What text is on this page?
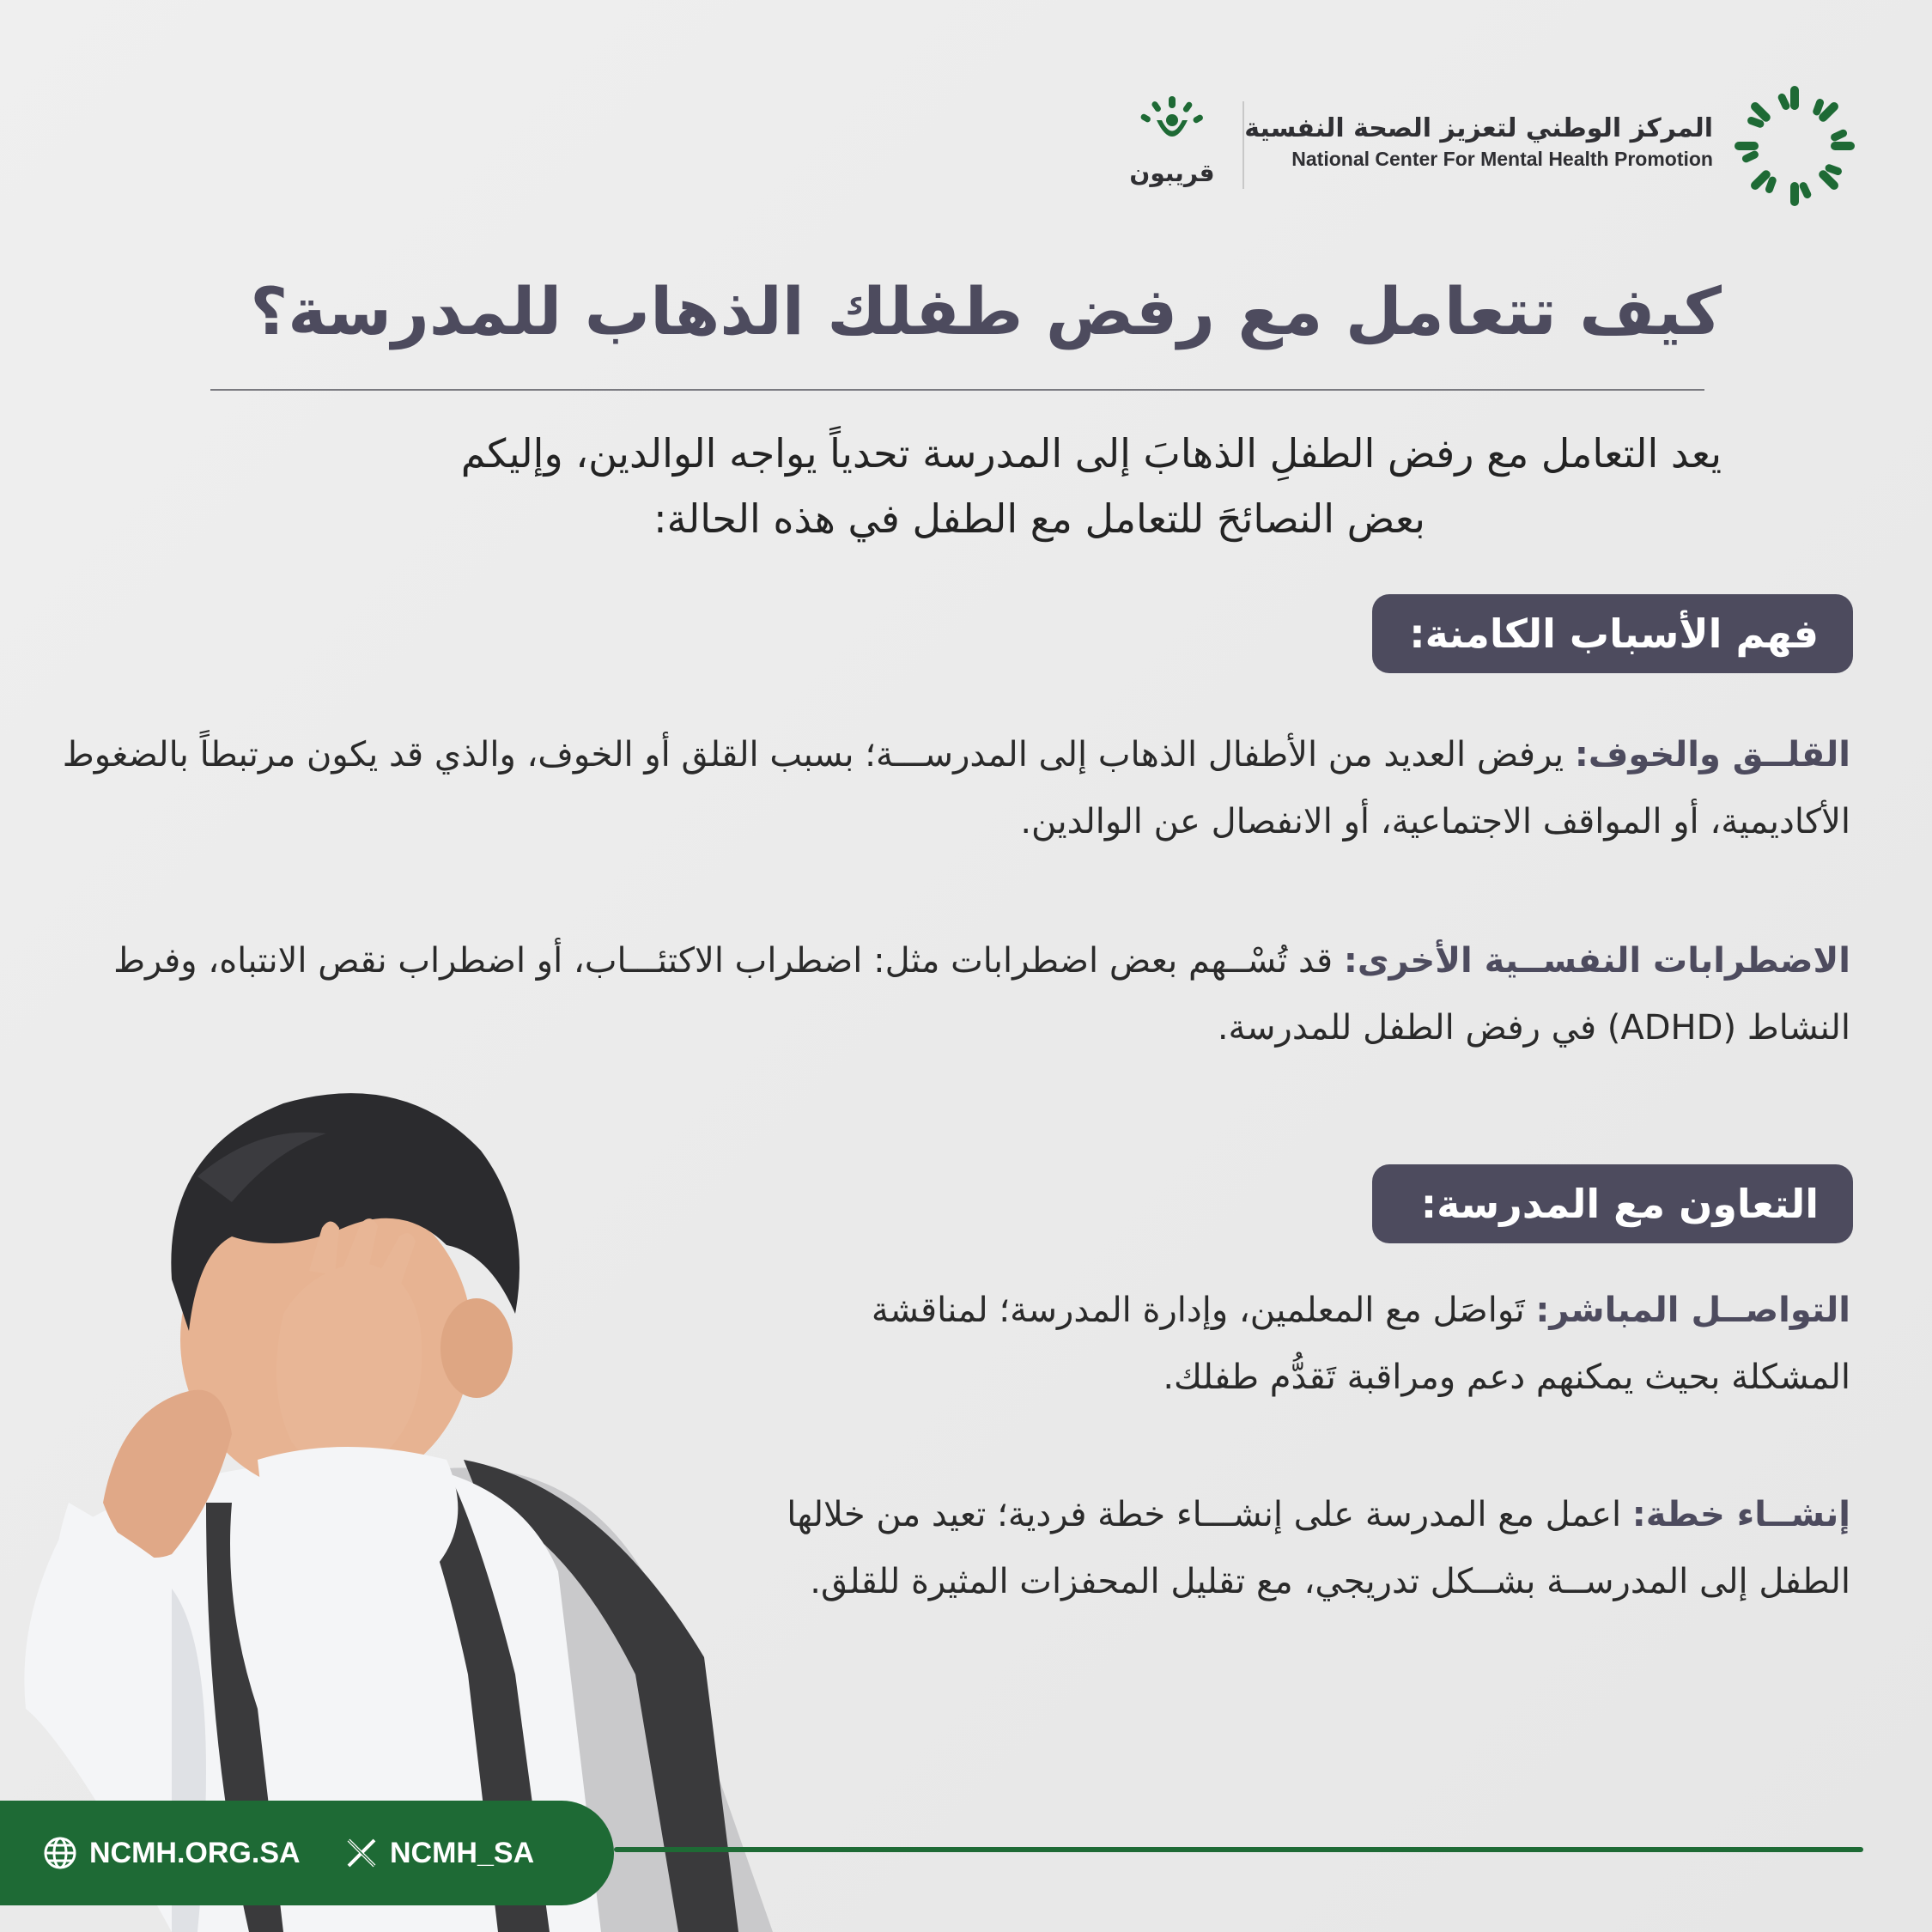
المركز الوطني لتعزيز الصحة النفسية
National Center For Mental Health Promotion
قريبون
كيف تتعامل مع رفض طفلك الذهاب للمدرسة؟
يعد التعامل مع رفض الطفلِ الذهابَ إلى المدرسة تحدياً يواجه الوالدين، وإليكم
بعض النصائحَ للتعامل مع الطفل في هذه الحالة:
فهم الأسباب الكامنة:
القلــق والخوف: يرفض العديد من الأطفال الذهاب إلى المدرســـة؛ بسبب القلق أو الخوف، والذي قد يكون مرتبطاً بالضغوط الأكاديمية، أو المواقف الاجتماعية، أو الانفصال عن الوالدين.
الاضطرابات النفســية الأخرى: قد تُسْــهم بعض اضطرابات مثل: اضطراب الاكتئـــاب، أو اضطراب نقص الانتباه، وفرط النشاط (ADHD) في رفض الطفل للمدرسة.
التعاون مع المدرسة:
التواصــل المباشر: تَواصَل مع المعلمين، وإدارة المدرسة؛ لمناقشة المشكلة بحيث يمكنهم دعم ومراقبة تَقدُّم طفلك.
إنشــاء خطة: اعمل مع المدرسة على إنشـــاء خطة فردية؛ تعيد من خلالها الطفل إلى المدرســة بشــكل تدريجي، مع تقليل المحفزات المثيرة للقلق.
NCMH.ORG.SA	NCMH_SA
